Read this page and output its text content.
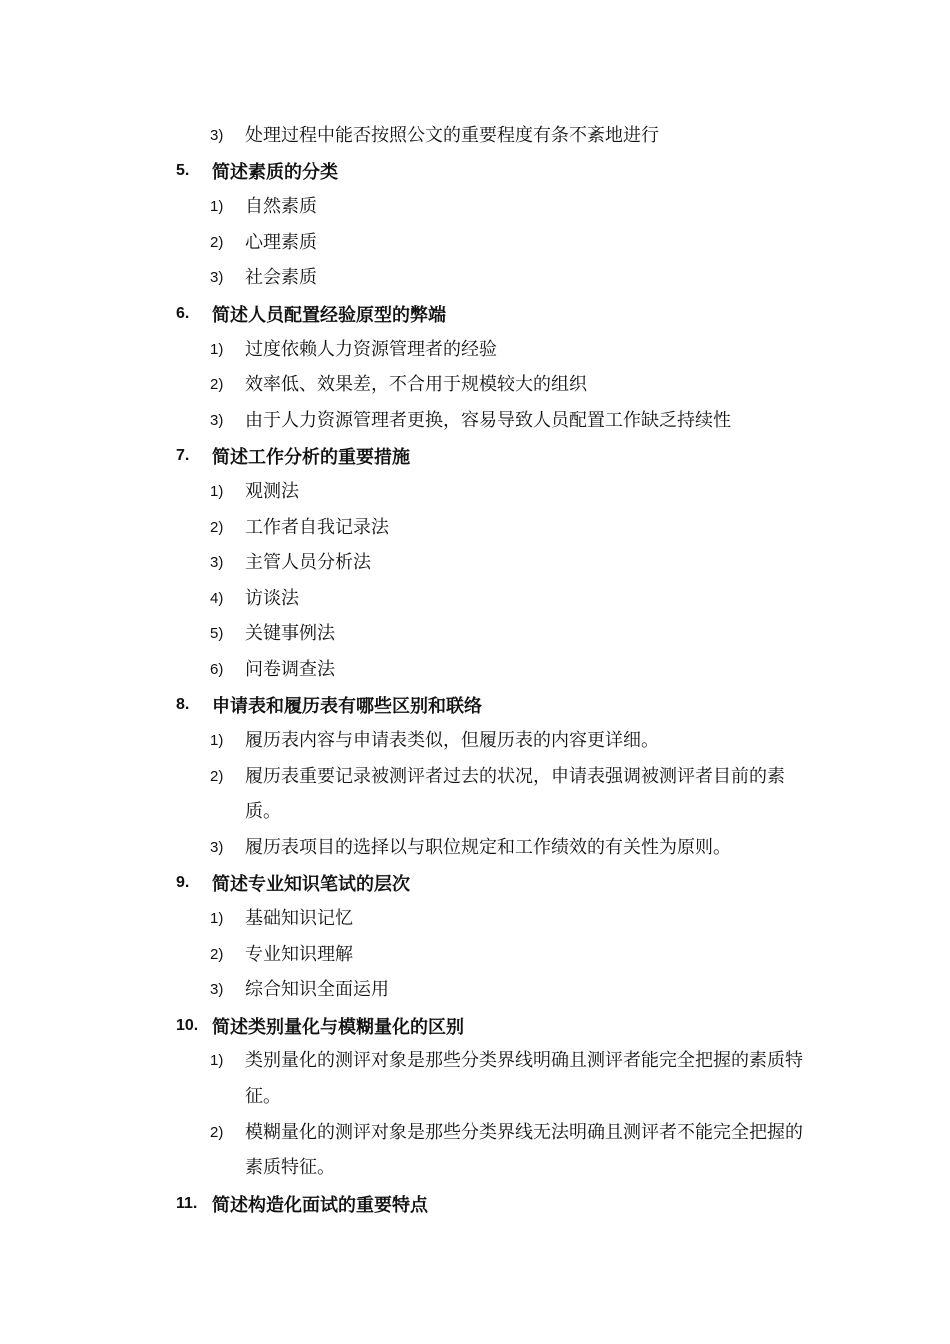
3)	处理过程中能否按照公文的重要程度有条不紊地进行
5.	简述素质的分类
1)	自然素质
2)	心理素质
3)	社会素质
6.	简述人员配置经验原型的弊端
1)	过度依赖人力资源管理者的经验
2)	效率低、效果差，不合用于规模较大的组织
3)	由于人力资源管理者更换，容易导致人员配置工作缺乏持续性
7.	简述工作分析的重要措施
1)	观测法
2)	工作者自我记录法
3)	主管人员分析法
4)	访谈法
5)	关键事例法
6)	问卷调查法
8.	申请表和履历表有哪些区别和联络
1)	履历表内容与申请表类似，但履历表的内容更详细。
2)	履历表重要记录被测评者过去的状况，申请表强调被测评者目前的素质。
3)	履历表项目的选择以与职位规定和工作绩效的有关性为原则。
9.	简述专业知识笔试的层次
1)	基础知识记忆
2)	专业知识理解
3)	综合知识全面运用
10. 简述类别量化与模糊量化的区别
1)	类别量化的测评对象是那些分类界线明确且测评者能完全把握的素质特征。
2)	模糊量化的测评对象是那些分类界线无法明确且测评者不能完全把握的素质特征。
11. 简述构造化面试的重要特点
